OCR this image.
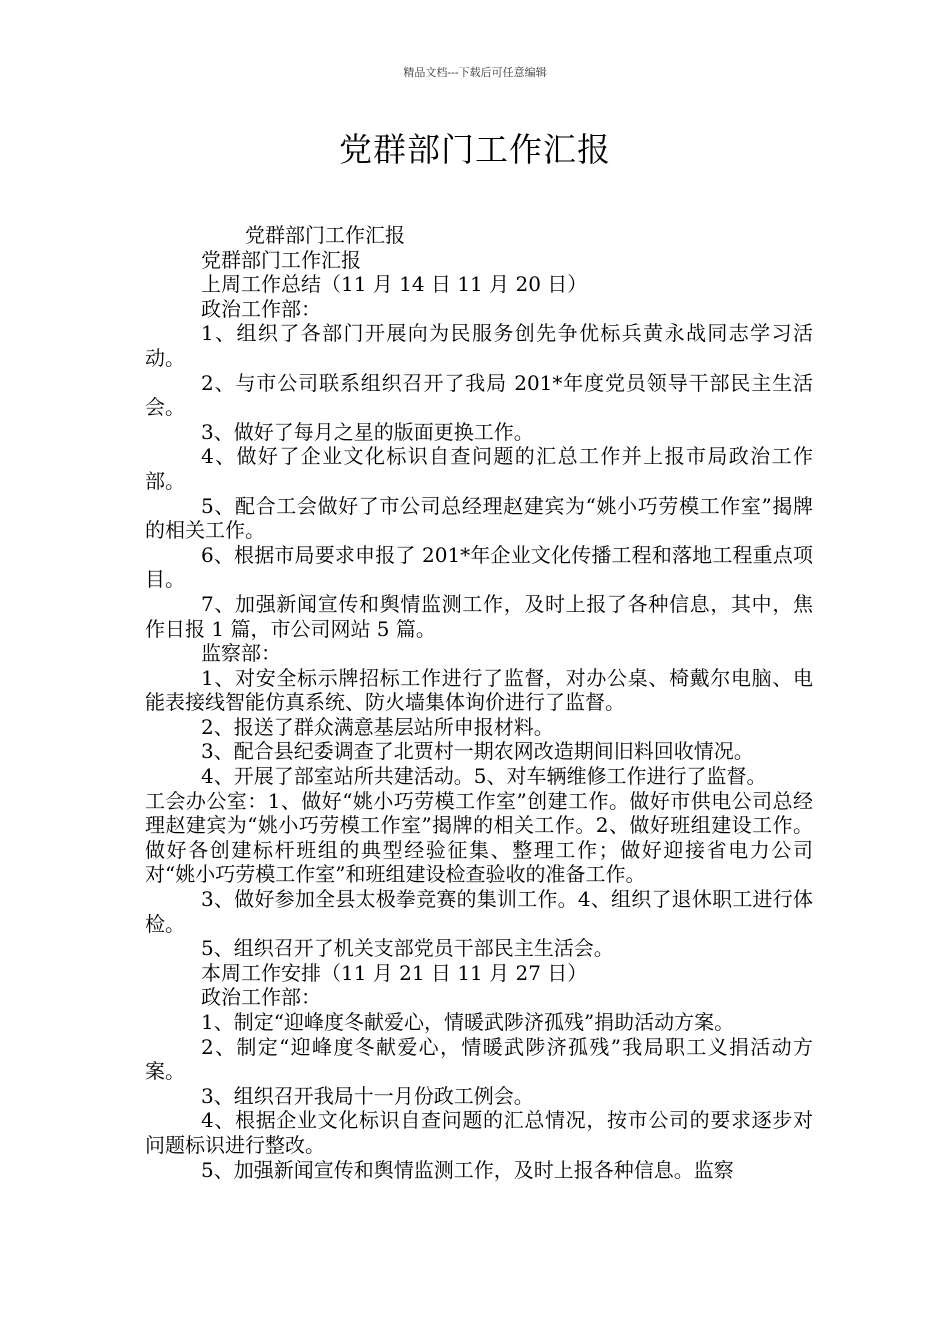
精品文档---下载后可任意编辑
党群部门工作汇报

党群部门工作汇报

党群部门工作汇报

上周工作总结（11 月 14 日 11 月 20 日）

政治工作部：

1、组织了各部门开展向为民服务创先争优标兵黄永战同志学习活动。

2、与市公司联系组织召开了我局 201*年度党员领导干部民主生活会。

3、做好了每月之星的版面更换工作。

4、做好了企业文化标识自查问题的汇总工作并上报市局政治工作部。

5、配合工会做好了市公司总经理赵建宾为“姚小巧劳模工作室”揭牌的相关工作。

6、根据市局要求申报了 201*年企业文化传播工程和落地工程重点项目。

7、加强新闻宣传和舆情监测工作，及时上报了各种信息，其中，焦作日报 1 篇，市公司网站 5 篇。

监察部：

1、对安全标示牌招标工作进行了监督，对办公桌、椅戴尔电脑、电能表接线智能仿真系统、防火墙集体询价进行了监督。

2、报送了群众满意基层站所申报材料。

3、配合县纪委调查了北贾村一期农网改造期间旧料回收情况。

4、开展了部室站所共建活动。5、对车辆维修工作进行了监督。

工会办公室：1、做好“姚小巧劳模工作室”创建工作。做好市供电公司总经理赵建宾为“姚小巧劳模工作室”揭牌的相关工作。2、做好班组建设工作。做好各创建标杆班组的典型经验征集、整理工作；做好迎接省电力公司对“姚小巧劳模工作室”和班组建设检查验收的准备工作。

3、做好参加全县太极拳竞赛的集训工作。4、组织了退休职工进行体检。

5、组织召开了机关支部党员干部民主生活会。

本周工作安排（11 月 21 日 11 月 27 日）

政治工作部：

1、制定“迎峰度冬献爱心，情暖武陟济孤残”捐助活动方案。

2、制定“迎峰度冬献爱心，情暖武陟济孤残”我局职工义捐活动方案。

3、组织召开我局十一月份政工例会。

4、根据企业文化标识自查问题的汇总情况，按市公司的要求逐步对问题标识进行整改。

5、加强新闻宣传和舆情监测工作，及时上报各种信息。监察
